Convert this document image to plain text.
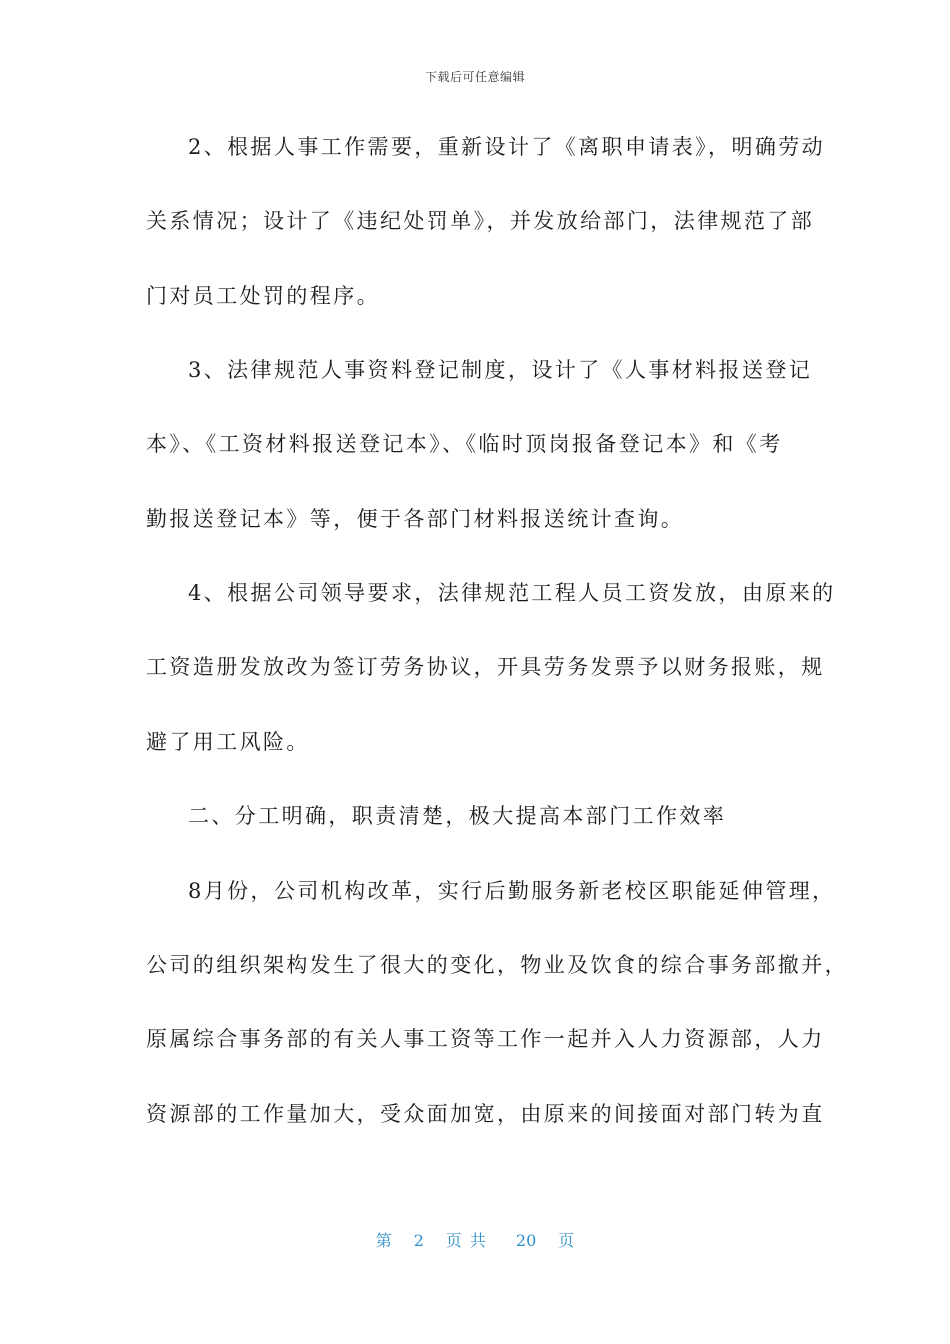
下载后可任意编辑
2、根据人事工作需要，重新设计了《离职申请表》，明确劳动
关系情况；设计了《违纪处罚单》，并发放给部门，法律规范了部
门对员工处罚的程序。
3、法律规范人事资料登记制度，设计了《人事材料报送登记
本》、《工资材料报送登记本》、《临时顶岗报备登记本》和《考
勤报送登记本》等，便于各部门材料报送统计查询。
4、根据公司领导要求，法律规范工程人员工资发放，由原来的
工资造册发放改为签订劳务协议，开具劳务发票予以财务报账，规
避了用工风险。
二、分工明确，职责清楚，极大提高本部门工作效率
8月份，公司机构改革，实行后勤服务新老校区职能延伸管理，
公司的组织架构发生了很大的变化，物业及饮食的综合事务部撤并，
原属综合事务部的有关人事工资等工作一起并入人力资源部，人力
资源部的工作量加大，受众面加宽，由原来的间接面对部门转为直
第 2 页共 20 页
